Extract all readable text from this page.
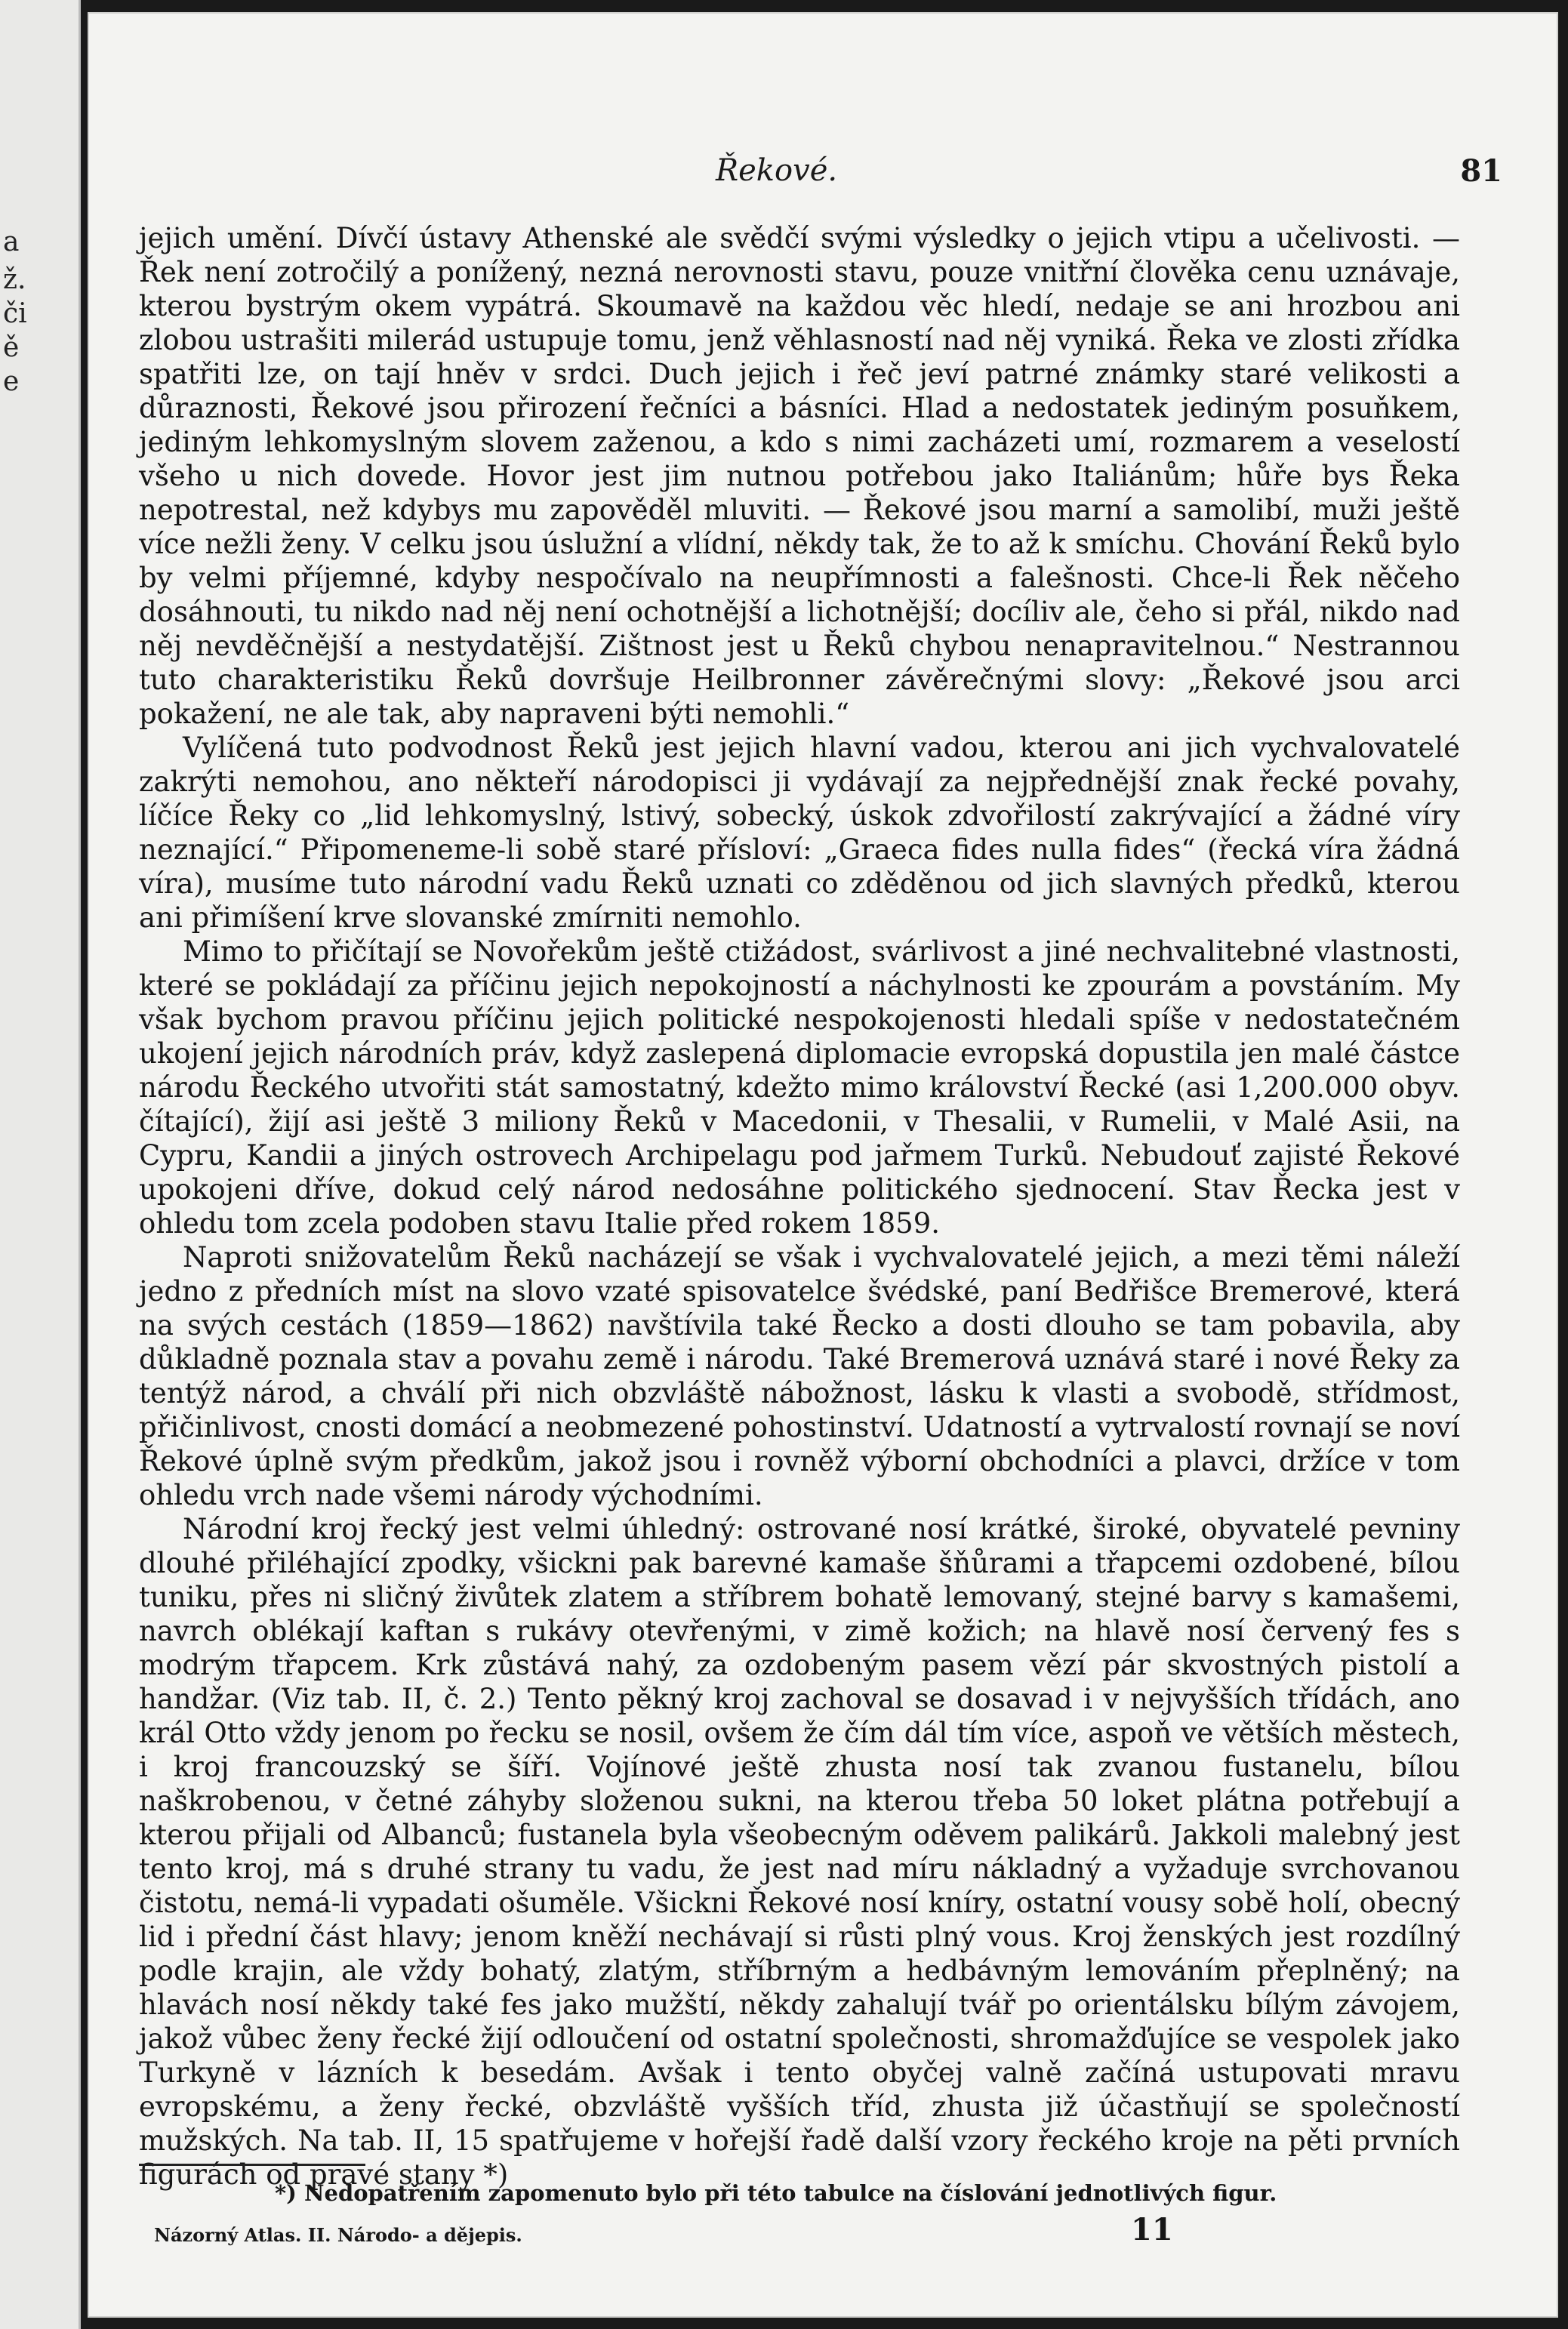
a
ž.
či
ě
e
Řekové.	81

jejich umění. Dívčí ústavy Athenské ale svědčí svými výsledky o jejich vtipu a učelivosti. — Řek není zotročilý a ponížený, nezná nerovnosti stavu, pouze vnitřní člověka cenu uznávaje, kterou bystrým okem vypátrá. Skoumavě na každou věc hledí, nedaje se ani hrozbou ani zlobou ustrašiti milerád ustupuje tomu, jenž věhlasností nad něj vyniká. Řeka ve zlosti zřídka spatřiti lze, on tají hněv v srdci. Duch jejich i řeč jeví patrné známky staré velikosti a důraznosti, Řekové jsou přirození řečníci a básníci. Hlad a nedostatek jediným posuňkem, jediným lehkomyslným slovem zaženou, a kdo s nimi zacházeti umí, rozmarem a veselostí všeho u nich dovede. Hovor jest jim nutnou potřebou jako Italiánům; hůře bys Řeka nepotrestal, než kdybys mu zapověděl mluviti. — Řekové jsou marní a samolibí, muži ještě více nežli ženy. V celku jsou úslužní a vlídní, někdy tak, že to až k smíchu. Chování Řeků bylo by velmi příjemné, kdyby nespočívalo na neupřímnosti a falešnosti. Chce-li Řek něčeho dosáhnouti, tu nikdo nad něj není ochotnější a lichotnější; docíliv ale, čeho si přál, nikdo nad něj nevděčnější a nestydatější. Zištnost jest u Řeků chybou nenapravitelnou.“ Nestrannou tuto charakteristiku Řeků dovršuje Heilbronner závěrečnými slovy: „Řekové jsou arci pokažení, ne ale tak, aby napraveni býti nemohli.“

Vylíčená tuto podvodnost Řeků jest jejich hlavní vadou, kterou ani jich vychvalovatelé zakrýti nemohou, ano někteří národopisci ji vydávají za nejpřednější znak řecké povahy, líčíce Řeky co „lid lehkomyslný, lstivý, sobecký, úskok zdvořilostí zakrývající a žádné víry neznající.“ Připomeneme-li sobě staré přísloví: „Graeca fides nulla fides“ (řecká víra žádná víra), musíme tuto národní vadu Řeků uznati co zděděnou od jich slavných předků, kterou ani přimíšení krve slovanské zmírniti nemohlo.

Mimo to přičítají se Novořekům ještě ctižádost, svárlivost a jiné nechvalitebné vlastnosti, které se pokládají za příčinu jejich nepokojností a náchylnosti ke zpourám a povstáním. My však bychom pravou příčinu jejich politické nespokojenosti hledali spíše v nedostatečném ukojení jejich národních práv, když zaslepená diplomacie evropská dopustila jen malé částce národu Řeckého utvořiti stát samostatný, kdežto mimo království Řecké (asi 1,200.000 obyv. čítající), žijí asi ještě 3 miliony Řeků v Macedonii, v Thesalii, v Rumelii, v Malé Asii, na Cypru, Kandii a jiných ostrovech Archipelagu pod jařmem Turků. Nebudouť zajisté Řekové upokojeni dříve, dokud celý národ nedosáhne politického sjednocení. Stav Řecka jest v ohledu tom zcela podoben stavu Italie před rokem 1859.

Naproti snižovatelům Řeků nacházejí se však i vychvalovatelé jejich, a mezi těmi náleží jedno z předních míst na slovo vzaté spisovatelce švédské, paní Bedřišce Bremerové, která na svých cestách (1859—1862) navštívila také Řecko a dosti dlouho se tam pobavila, aby důkladně poznala stav a povahu země i národu. Také Bremerová uznává staré i nové Řeky za tentýž národ, a chválí při nich obzvláště nábožnost, lásku k vlasti a svobodě, střídmost, přičinlivost, cnosti domácí a neobmezené pohostinství. Udatností a vytrvalostí rovnají se noví Řekové úplně svým předkům, jakož jsou i rovněž výborní obchodníci a plavci, držíce v tom ohledu vrch nade všemi národy východními.

Národní kroj řecký jest velmi úhledný: ostrované nosí krátké, široké, obyvatelé pevniny dlouhé přiléhající zpodky, všickni pak barevné kamaše šňůrami a třapcemi ozdobené, bílou tuniku, přes ni sličný živůtek zlatem a stříbrem bohatě lemovaný, stejné barvy s kamašemi, navrch oblékají kaftan s rukávy otevřenými, v zimě kožich; na hlavě nosí červený fes s modrým třapcem. Krk zůstává nahý, za ozdobeným pasem vězí pár skvostných pistolí a handžar. (Viz tab. II, č. 2.) Tento pěkný kroj zachoval se dosavad i v nejvyšších třídách, ano král Otto vždy jenom po řecku se nosil, ovšem že čím dál tím více, aspoň ve větších městech, i kroj francouzský se šíří. Vojínové ještě zhusta nosí tak zvanou fustanelu, bílou naškrobenou, v četné záhyby složenou sukni, na kterou třeba 50 loket plátna potřebují a kterou přijali od Albanců; fustanela byla všeobecným oděvem palikárů. Jakkoli malebný jest tento kroj, má s druhé strany tu vadu, že jest nad míru nákladný a vyžaduje svrchovanou čistotu, nemá-li vypadati ošuměle. Všickni Řekové nosí kníry, ostatní vousy sobě holí, obecný lid i přední část hlavy; jenom kněží nechávají si růsti plný vous. Kroj ženských jest rozdílný podle krajin, ale vždy bohatý, zlatým, stříbrným a hedbávným lemováním přeplněný; na hlavách nosí někdy také fes jako mužští, někdy zahalují tvář po orientálsku bílým závojem, jakož vůbec ženy řecké žijí odloučení od ostatní společnosti, shromažďujíce se vespolek jako Turkyně v lázních k besedám. Avšak i tento obyčej valně začíná ustupovati mravu evropskému, a ženy řecké, obzvláště vyšších tříd, zhusta již účastňují se společností mužských. Na tab. II, 15 spatřujeme v hořejší řadě další vzory řeckého kroje na pěti prvních figurách od pravé stany *)

*) Nedopatřením zapomenuto bylo při této tabulce na číslování jednotlivých figur.
Názorný Atlas. II. Národo- a dějepis.	11
